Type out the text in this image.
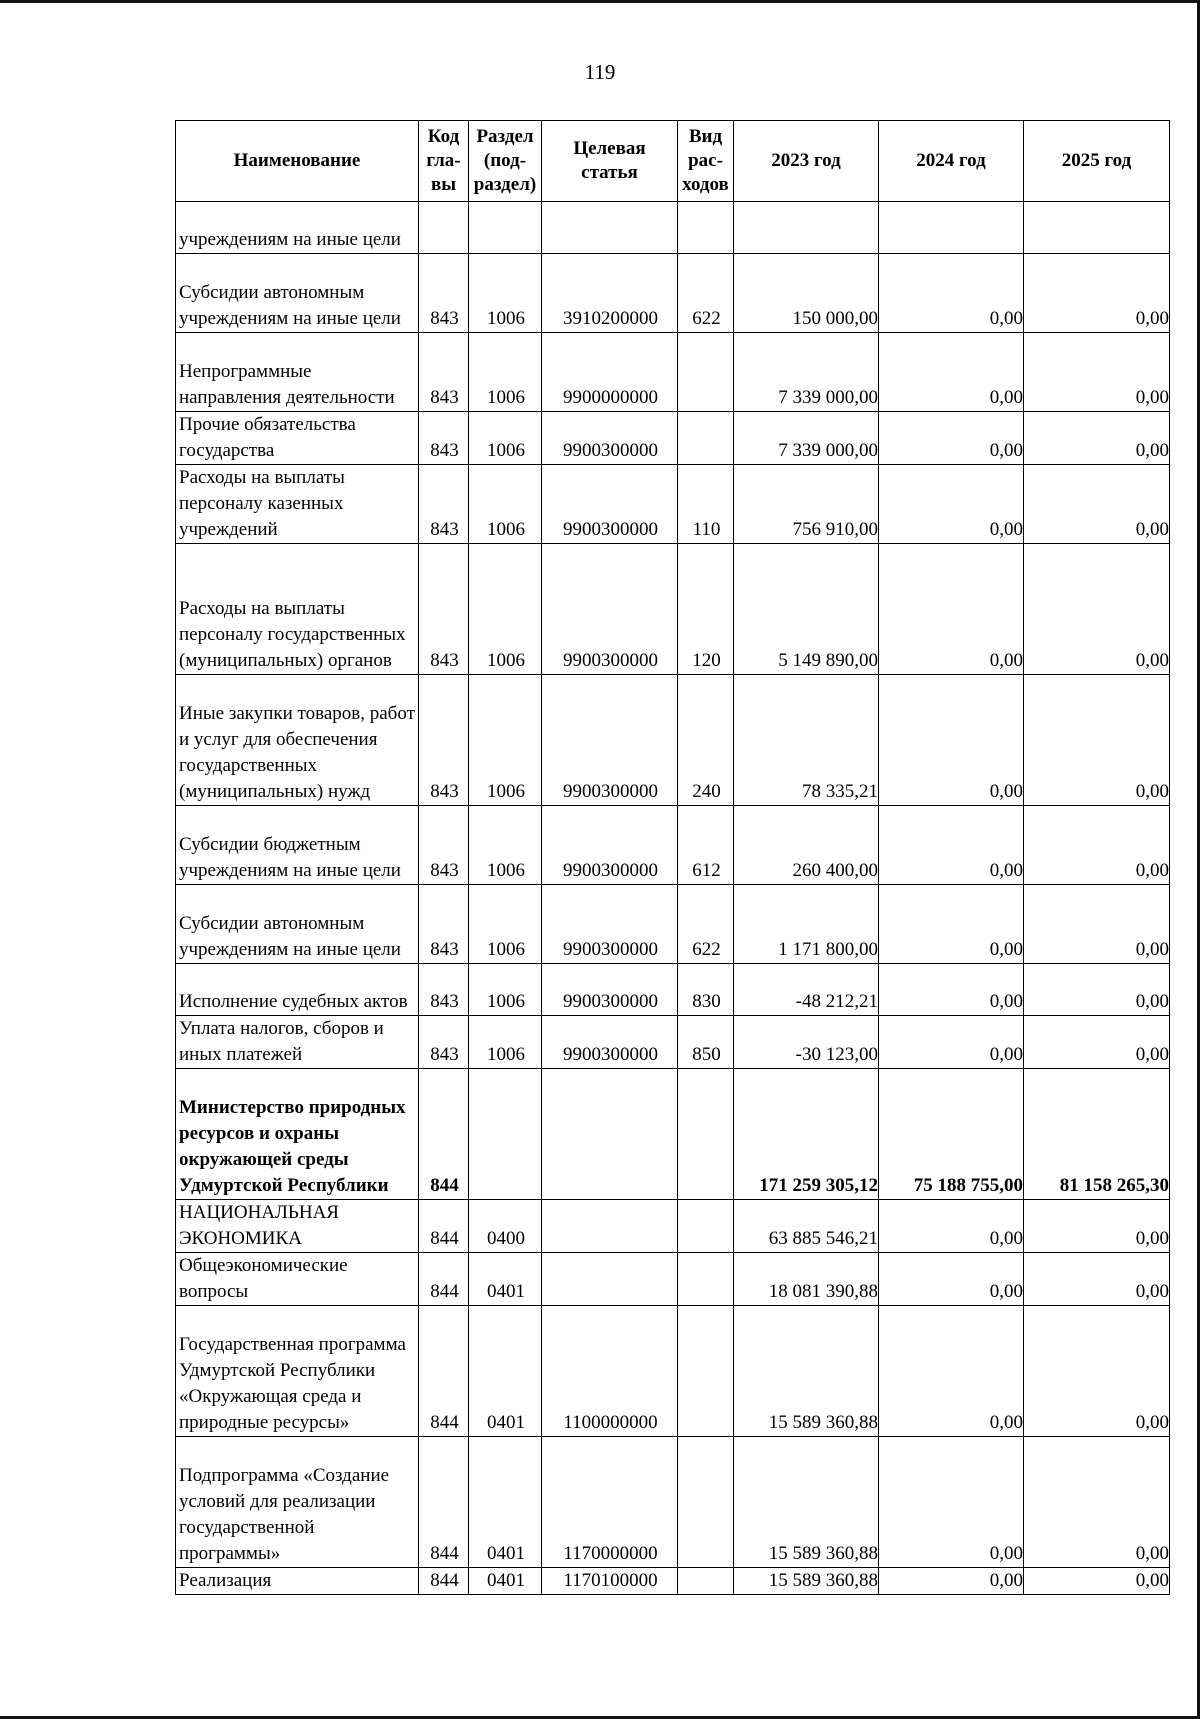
119
Наименование	Код гла-вы	Раздел (под-раздел)	Целевая статья	Вид рас-ходов	2023 год	2024 год	2025 год
учреждениям на иные цели							
Субсидии автономным учреждениям на иные цели	843	1006	3910200000	622	150 000,00	0,00	0,00
Непрограммные направления деятельности	843	1006	9900000000		7 339 000,00	0,00	0,00
Прочие обязательства государства	843	1006	9900300000		7 339 000,00	0,00	0,00
Расходы на выплаты персоналу казенных учреждений	843	1006	9900300000	110	756 910,00	0,00	0,00
Расходы на выплаты персоналу государственных (муниципальных) органов	843	1006	9900300000	120	5 149 890,00	0,00	0,00
Иные закупки товаров, работ и услуг для обеспечения государственных (муниципальных) нужд	843	1006	9900300000	240	78 335,21	0,00	0,00
Субсидии бюджетным учреждениям на иные цели	843	1006	9900300000	612	260 400,00	0,00	0,00
Субсидии автономным учреждениям на иные цели	843	1006	9900300000	622	1 171 800,00	0,00	0,00
Исполнение судебных актов	843	1006	9900300000	830	-48 212,21	0,00	0,00
Уплата налогов, сборов и иных платежей	843	1006	9900300000	850	-30 123,00	0,00	0,00
Министерство природных ресурсов и охраны окружающей среды Удмуртской Республики	844				171 259 305,12	75 188 755,00	81 158 265,30
НАЦИОНАЛЬНАЯ ЭКОНОМИКА	844	0400			63 885 546,21	0,00	0,00
Общеэкономические вопросы	844	0401			18 081 390,88	0,00	0,00
Государственная программа Удмуртской Республики «Окружающая среда и природные ресурсы»	844	0401	1100000000		15 589 360,88	0,00	0,00
Подпрограмма «Создание условий для реализации государственной программы»	844	0401	1170000000		15 589 360,88	0,00	0,00
Реализация	844	0401	1170100000		15 589 360,88	0,00	0,00
